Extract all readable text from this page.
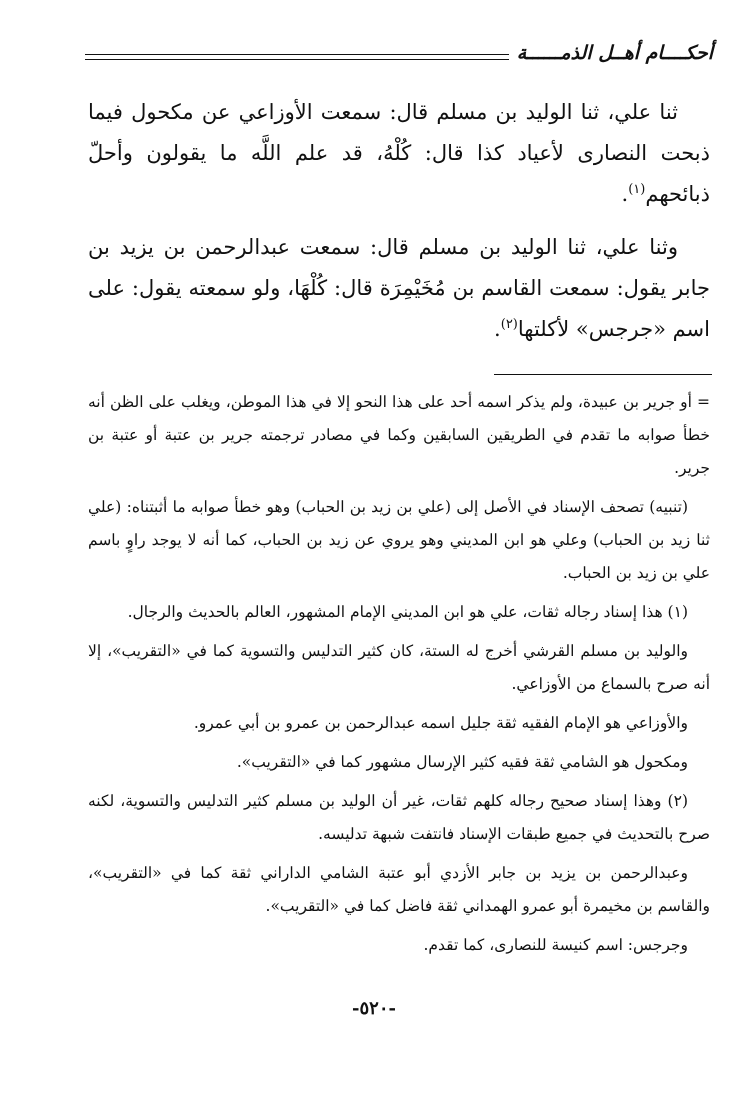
أحكــــام أهــل الذمــــــة

ثنا علي، ثنا الوليد بن مسلم قال: سمعت الأوزاعي عن مكحول فيما ذبحت النصارى لأعياد كذا قال: كُلْهُ، قد علم اللَّه ما يقولون وأحلّ ذبائحهم$^{(١)}$.

وثنا علي، ثنا الوليد بن مسلم قال: سمعت عبدالرحمن بن يزيد بن جابر يقول: سمعت القاسم بن مُخَيْمِرَة قال: كُلْهَا، ولو سمعته يقول: على اسم «جرجس» لأكلتها$^{(٢)}$.

= أو جرير بن عبيدة، ولم يذكر اسمه أحد على هذا النحو إلا في هذا الموطن، ويغلب على الظن أنه خطأ صوابه ما تقدم في الطريقين السابقين وكما في مصادر ترجمته جرير بن عتبة أو عتبة بن جرير.

(تنبيه) تصحف الإسناد في الأصل إلى (علي بن زيد بن الحباب) وهو خطأ صوابه ما أثبتناه: (علي ثنا زيد بن الحباب) وعلي هو ابن المديني وهو يروي عن زيد بن الحباب، كما أنه لا يوجد راوٍ باسم علي بن زيد بن الحباب.

(١) هذا إسناد رجاله ثقات، علي هو ابن المديني الإمام المشهور، العالم بالحديث والرجال.

والوليد بن مسلم القرشي أخرج له الستة، كان كثير التدليس والتسوية كما في «التقريب»، إلا أنه صرح بالسماع من الأوزاعي.

والأوزاعي هو الإمام الفقيه ثقة جليل اسمه عبدالرحمن بن عمرو بن أبي عمرو.

ومكحول هو الشامي ثقة فقيه كثير الإرسال مشهور كما في «التقريب».

(٢) وهذا إسناد صحيح رجاله كلهم ثقات، غير أن الوليد بن مسلم كثير التدليس والتسوية، لكنه صرح بالتحديث في جميع طبقات الإسناد فانتفت شبهة تدليسه.

وعبدالرحمن بن يزيد بن جابر الأزدي أبو عتبة الشامي الداراني ثقة كما في «التقريب»، والقاسم بن مخيمرة أبو عمرو الهمداني ثقة فاضل كما في «التقريب».

وجرجس: اسم كنيسة للنصارى، كما تقدم.

-٥٢٠-
